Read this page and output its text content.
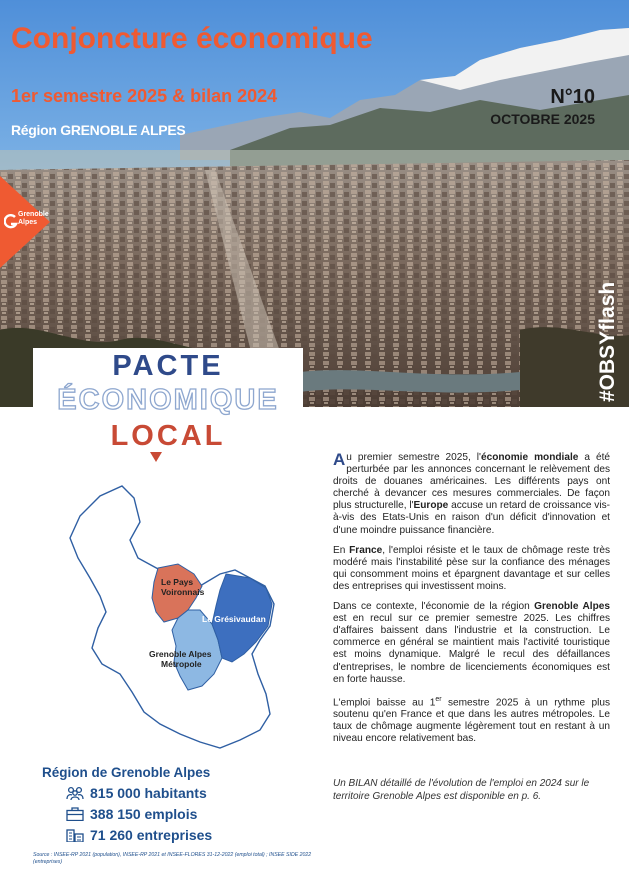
Conjoncture économique
1er semestre 2025 & bilan 2024
Région GRENOBLE ALPES
N°10
OCTOBRE 2025
#OBSYflash
Grenoble
Alpes
PACTE
ÉCONOMIQUE
LOCAL
Le Pays
Voironnais
Le Grésivaudan
Grenoble Alpes
Métropole
Région de Grenoble Alpes
815 000 habitants
388 150 emplois
71 260 entreprises
Source : INSEE-RP 2021 (population), INSEE-RP 2021 et INSEE-FLORES 31-12-2022 (emploi total) ; INSEE SIDE 2022 (entreprises)

Au premier semestre 2025, l'économie mondiale a été perturbée par les annonces concernant le relèvement des droits de douanes américaines. Les différents pays ont cherché à devancer ces mesures commerciales. De façon plus structurelle, l'Europe accuse un retard de croissance vis-à-vis des Etats-Unis en raison d'un déficit d'innovation et d'une moindre puissance financière.

En France, l'emploi résiste et le taux de chômage reste très modéré mais l'instabilité pèse sur la confiance des ménages qui consomment moins et épargnent davantage et sur celles des entreprises qui investissent moins.

Dans ce contexte, l'économie de la région Grenoble Alpes est en recul sur ce premier semestre 2025. Les chiffres d'affaires baissent dans l'industrie et la construction. Le commerce en général se maintient mais l'activité touristique est moins dynamique. Malgré le recul des défaillances d'entreprises, le nombre de licenciements économiques est en forte hausse.

L'emploi baisse au 1er semestre 2025 à un rythme plus soutenu qu'en France et que dans les autres métropoles. Le taux de chômage augmente légèrement tout en restant à un niveau encore relativement bas.

Un BILAN détaillé de l'évolution de l'emploi en 2024 sur le territoire Grenoble Alpes est disponible en p. 6.
